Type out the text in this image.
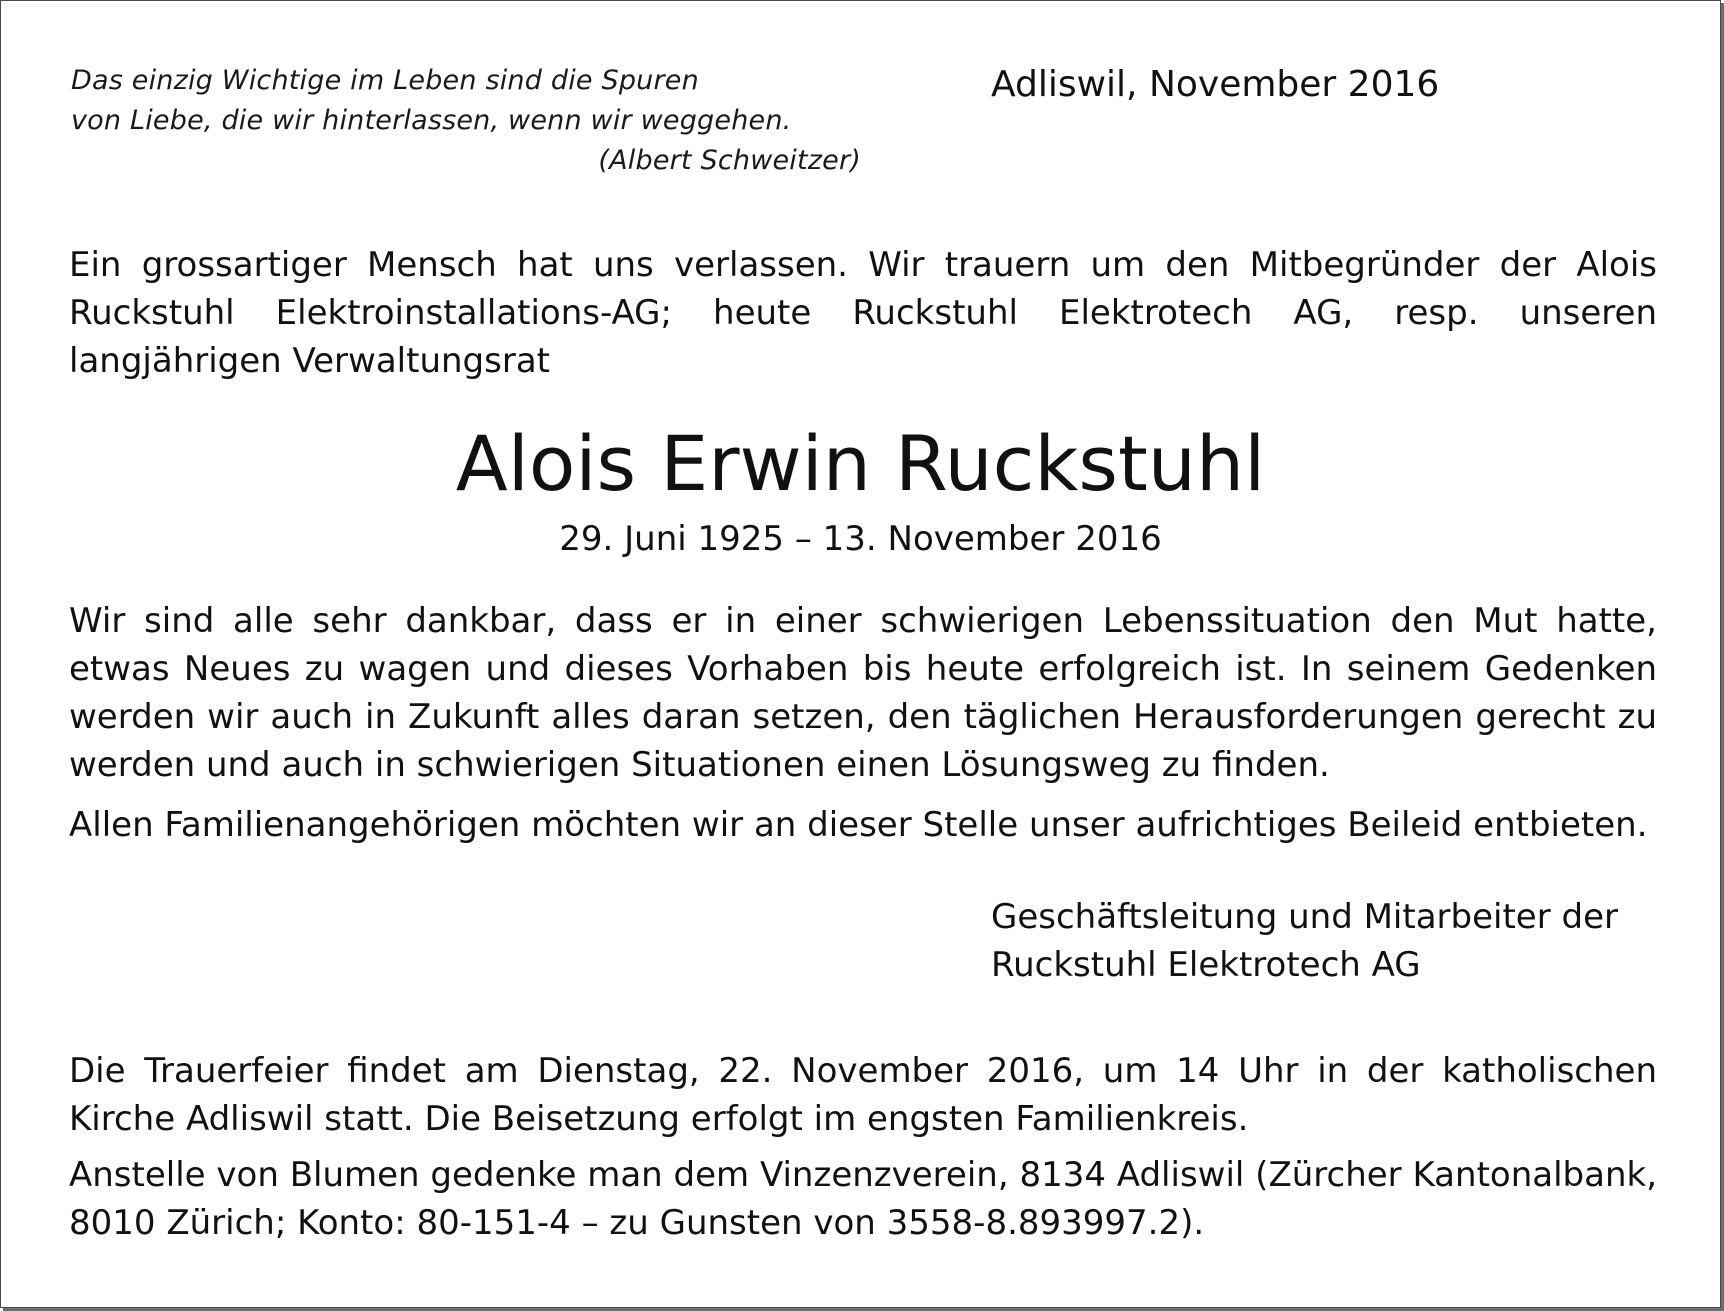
Das einzig Wichtige im Leben sind die Spuren
von Liebe, die wir hinterlassen, wenn wir weggehen.
(Albert Schweitzer)
Adliswil, November 2016
Ein grossartiger Mensch hat uns verlassen. Wir trauern um den Mitbegründer der Alois Ruckstuhl Elektroinstallations-AG; heute Ruckstuhl Elektrotech AG, resp. unseren langjährigen Verwaltungsrat
Alois Erwin Ruckstuhl
29. Juni 1925 – 13. November 2016
Wir sind alle sehr dankbar, dass er in einer schwierigen Lebenssituation den Mut hatte, etwas Neues zu wagen und dieses Vorhaben bis heute erfolgreich ist. In seinem Gedenken werden wir auch in Zukunft alles daran setzen, den täglichen Herausforderungen gerecht zu werden und auch in schwierigen Situationen einen Lösungsweg zu finden.
Allen Familienangehörigen möchten wir an dieser Stelle unser aufrichtiges Beileid entbieten.
Geschäftsleitung und Mitarbeiter der
Ruckstuhl Elektrotech AG
Die Trauerfeier findet am Dienstag, 22. November 2016, um 14 Uhr in der katholischen Kirche Adliswil statt. Die Beisetzung erfolgt im engsten Familienkreis.
Anstelle von Blumen gedenke man dem Vinzenzverein, 8134 Adliswil (Zürcher Kantonalbank, 8010 Zürich; Konto: 80-151-4 – zu Gunsten von 3558-8.893997.2).
